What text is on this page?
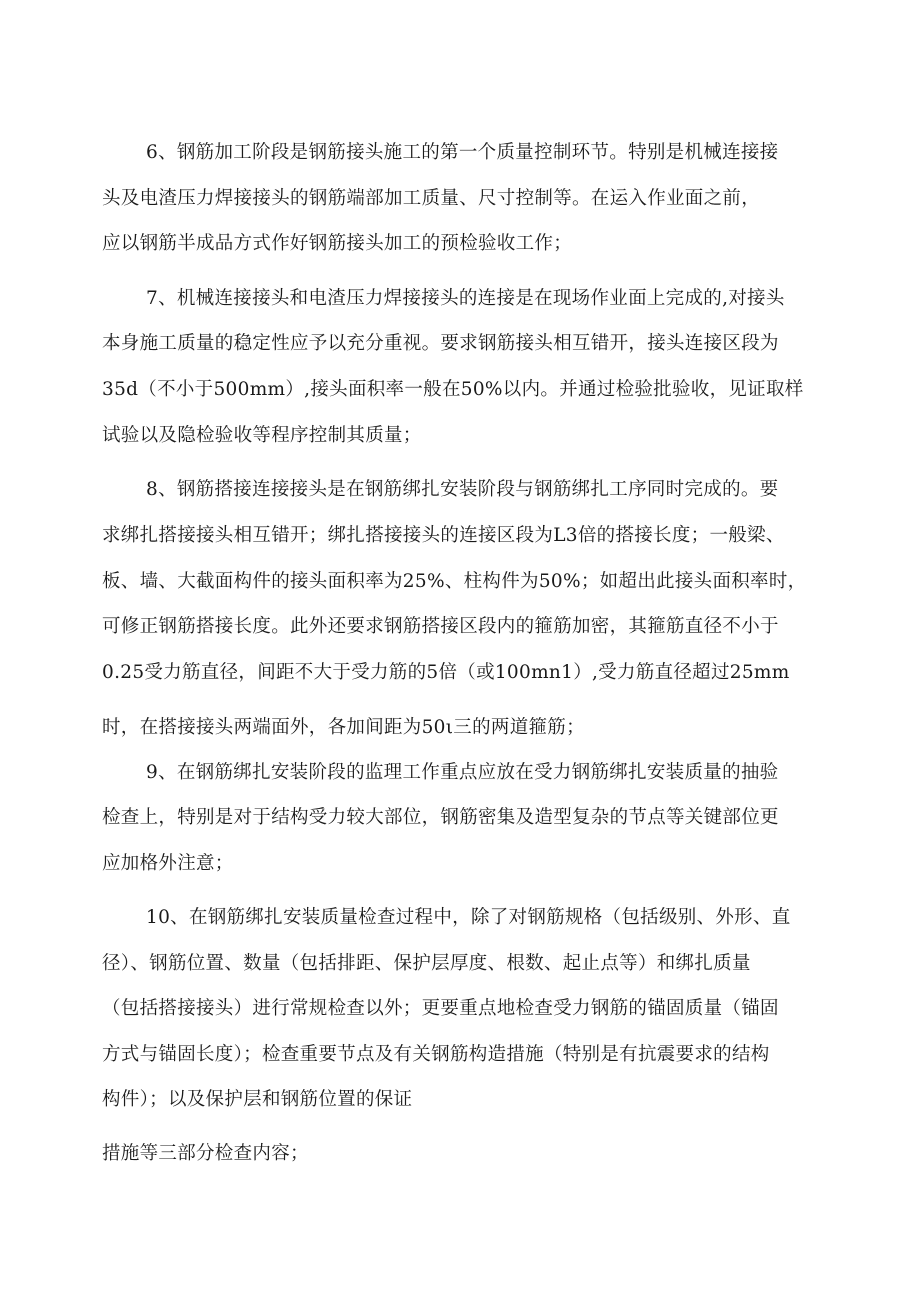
6、钢筋加工阶段是钢筋接头施工的第一个质量控制环节。特别是机械连接接
头及电渣压力焊接接头的钢筋端部加工质量、尺寸控制等。在运入作业面之前，
应以钢筋半成品方式作好钢筋接头加工的预检验收工作；
7、机械连接接头和电渣压力焊接接头的连接是在现场作业面上完成的,对接头
本身施工质量的稳定性应予以充分重视。要求钢筋接头相互错开，接头连接区段为
35d（不小于500mm）,接头面积率一般在50%以内。并通过检验批验收，见证取样
试验以及隐检验收等程序控制其质量；
8、钢筋搭接连接接头是在钢筋绑扎安装阶段与钢筋绑扎工序同时完成的。要
求绑扎搭接接头相互错开；绑扎搭接接头的连接区段为L3倍的搭接长度；一般梁、
板、墙、大截面构件的接头面积率为25%、柱构件为50%；如超出此接头面积率时，
可修正钢筋搭接长度。此外还要求钢筋搭接区段内的箍筋加密，其箍筋直径不小于
0.25受力筋直径，间距不大于受力筋的5倍（或100mn1）,受力筋直径超过25mm
时，在搭接接头两端面外，各加间距为50ι三的两道箍筋；
9、在钢筋绑扎安装阶段的监理工作重点应放在受力钢筋绑扎安装质量的抽验
检查上，特别是对于结构受力较大部位，钢筋密集及造型复杂的节点等关键部位更
应加格外注意；
10、在钢筋绑扎安装质量检查过程中，除了对钢筋规格（包括级别、外形、直
径）、钢筋位置、数量（包括排距、保护层厚度、根数、起止点等）和绑扎质量
（包括搭接接头）进行常规检查以外；更要重点地检查受力钢筋的锚固质量（锚固
方式与锚固长度）；检查重要节点及有关钢筋构造措施（特别是有抗震要求的结构
构件）；以及保护层和钢筋位置的保证
措施等三部分检查内容；
